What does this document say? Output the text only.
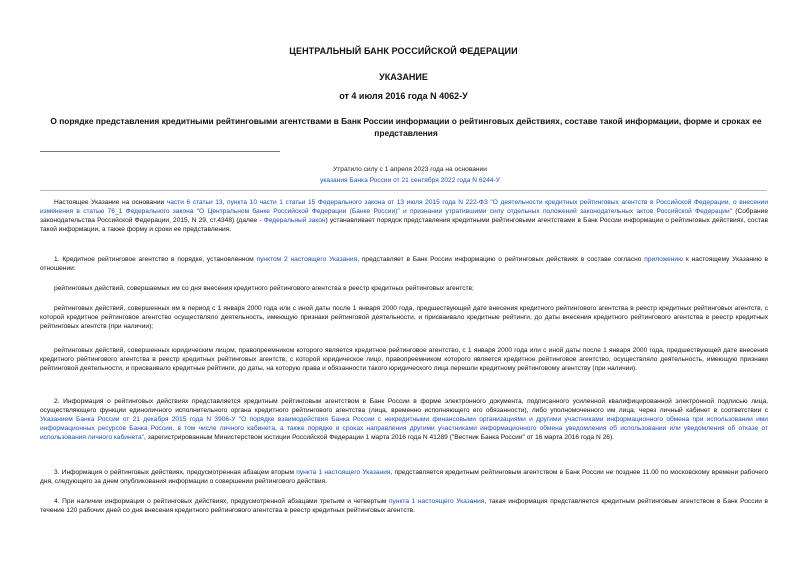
ЦЕНТРАЛЬНЫЙ БАНК РОССИЙСКОЙ ФЕДЕРАЦИИ
УКАЗАНИЕ
от 4 июля 2016 года N 4062-У
О порядке представления кредитными рейтинговыми агентствами в Банк России информации о рейтинговых действиях, составе такой информации, форме и сроках ее представления
Утратило силу с 1 апреля 2023 года на основании
указания Банка России от 21 сентября 2022 года N 6244-У
Настоящее Указание на основании части 6 статьи 13, пункта 10 части 1 статьи 15 Федерального закона от 13 июля 2015 года N 222-ФЗ "О деятельности кредитных рейтинговых агентств в Российской Федерации, о внесении изменения в статью 76_1 Федерального закона "О Центральном банке Российской Федерации (Банке России)" и признании утратившими силу отдельных положений законодательных актов Российской Федерации" (Собрание законодательства Российской Федерации, 2015, N 29, ст.4348) (далее - Федеральный закон) устанавливает порядок представления кредитными рейтинговыми агентствами в Банк России информации о рейтинговых действиях, состав такой информации, а также форму и сроки ее представления.
1. Кредитное рейтинговое агентство в порядке, установленном пунктом 2 настоящего Указания, представляет в Банк России информацию о рейтинговых действиях в составе согласно приложению к настоящему Указанию в отношении:
рейтинговых действий, совершаемых им со дня внесения кредитного рейтингового агентства в реестр кредитных рейтинговых агентств;
рейтинговых действий, совершенных им в период с 1 января 2000 года или с иной даты после 1 января 2000 года, предшествующей дате внесения кредитного рейтингового агентства в реестр кредитных рейтинговых агентств, с которой кредитное рейтинговое агентство осуществляло деятельность, имеющую признаки рейтинговой деятельности, и присваивало кредитные рейтинги, до даты внесения кредитного рейтингового агентства в реестр кредитных рейтинговых агентств (при наличии);
рейтинговых действий, совершенных юридическим лицом, правопреемником которого является кредитное рейтинговое агентство, с 1 января 2000 года или с иной даты после 1 января 2000 года, предшествующей дате внесения кредитного рейтингового агентства в реестр кредитных рейтинговых агентств, с которой юридическое лицо, правопреемником которого является кредитное рейтинговое агентство, осуществляло деятельность, имеющую признаки рейтинговой деятельности, и присваивало кредитные рейтинги, до даты, на которую права и обязанности такого юридического лица перешли кредитному рейтинговому агентству (при наличии).
2. Информация о рейтинговых действиях представляется кредитным рейтинговым агентством в Банк России в форме электронного документа, подписанного усиленной квалифицированной электронной подписью лица, осуществляющего функции единоличного исполнительного органа кредитного рейтингового агентства (лица, временно исполняющего его обязанности), либо уполномоченного им лица, через личный кабинет в соответствии с Указанием Банка России от 21 декабря 2015 года N 3906-У "О порядке взаимодействия Банка России с некредитными финансовыми организациями и другими участниками информационного обмена при использовании ими информационных ресурсов Банка России, в том числе личного кабинета, а также порядке и сроках направления другими участниками информационного обмена уведомления об использовании или уведомления об отказе от использования личного кабинета", зарегистрированным Министерством юстиции Российской Федерации 1 марта 2016 года N 41289 ("Вестник Банка России" от 16 марта 2016 года N 26).
3. Информация о рейтинговых действиях, предусмотренная абзацем вторым пункта 1 настоящего Указания, представляется кредитным рейтинговым агентством в Банк России не позднее 11.00 по московскому времени рабочего дня, следующего за днем опубликования информации о совершении рейтингового действия.
4. При наличии информации о рейтинговых действиях, предусмотренной абзацами третьим и четвертым пункта 1 настоящего Указания, такая информация представляется кредитным рейтинговым агентством в Банк России в течение 120 рабочих дней со дня внесения кредитного рейтингового агентства в реестр кредитных рейтинговых агентств.
